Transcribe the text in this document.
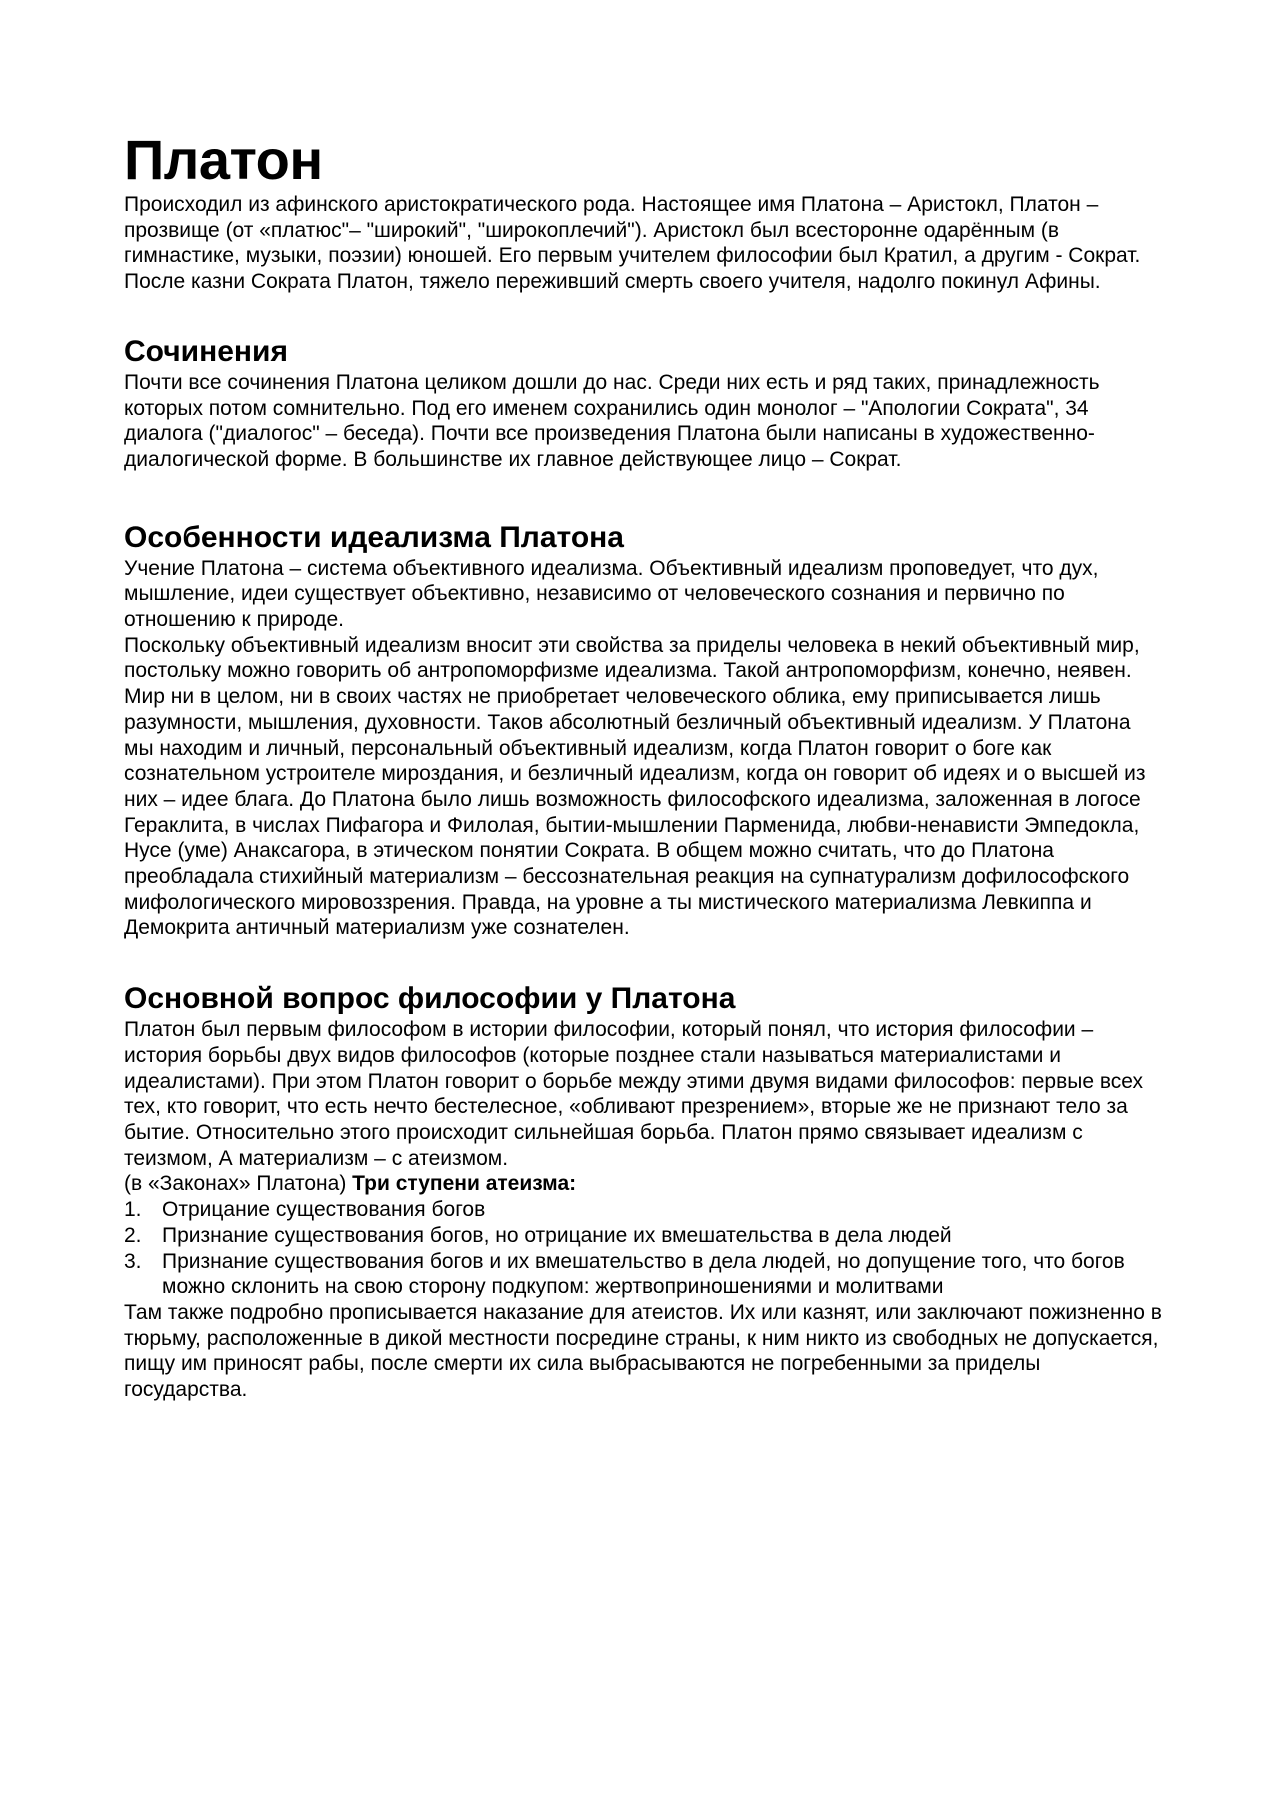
Платон

Происходил из афинского аристократического рода. Настоящее имя Платона – Аристокл, Платон – прозвище (от «платюс"– "широкий", "широкоплечий"). Аристокл был всесторонне одарённым (в гимнастике, музыки, поэзии) юношей. Его первым учителем философии был Кратил, а другим - Сократ. После казни Сократа Платон, тяжело переживший смерть своего учителя, надолго покинул Афины.

Сочинения

Почти все сочинения Платона целиком дошли до нас. Среди них есть и ряд таких, принадлежность которых потом сомнительно. Под его именем сохранились один монолог – "Апологии Сократа", 34 диалога ("диалогос" – беседа). Почти все произведения Платона были написаны в художественно-диалогической форме. В большинстве их главное действующее лицо – Сократ.

Особенности идеализма Платона

Учение Платона – система объективного идеализма. Объективный идеализм проповедует, что дух, мышление, идеи существует объективно, независимо от человеческого сознания и первично по отношению к природе.

Поскольку объективный идеализм вносит эти свойства за приделы человека в некий объективный мир, постольку можно говорить об антропоморфизме идеализма. Такой антропоморфизм, конечно, неявен. Мир ни в целом, ни в своих частях не приобретает человеческого облика, ему приписывается лишь разумности, мышления, духовности. Таков абсолютный безличный объективный идеализм. У Платона мы находим и личный, персональный объективный идеализм, когда Платон говорит о боге как сознательном устроителе мироздания, и безличный идеализм, когда он говорит об идеях и о высшей из них – идее блага. До Платона было лишь возможность философского идеализма, заложенная в логосе Гераклита, в числах Пифагора и Филолая, бытии-мышлении Парменида, любви-ненависти Эмпедокла, Нусе (уме) Анаксагора, в этическом понятии Сократа. В общем можно считать, что до Платона преобладала стихийный материализм – бессознательная реакция на супнатурализм дофилософского мифологического мировоззрения. Правда, на уровне а ты мистического материализма Левкиппа и Демокрита античный материализм уже сознателен.

Основной вопрос философии у Платона

Платон был первым философом в истории философии, который понял, что история философии – история борьбы двух видов философов (которые позднее стали называться материалистами и идеалистами). При этом Платон говорит о борьбе между этими двумя видами философов: первые всех тех, кто говорит, что есть нечто бестелесное, «обливают презрением», вторые же не признают тело за бытие. Относительно этого происходит сильнейшая борьба. Платон прямо связывает идеализм с теизмом, А материализм – с атеизмом.

(в «Законах» Платона) Три ступени атеизма:

1. Отрицание существования богов
2. Признание существования богов, но отрицание их вмешательства в дела людей
3. Признание существования богов и их вмешательство в дела людей, но допущение того, что богов можно склонить на свою сторону подкупом: жертвоприношениями и молитвами

Там также подробно прописывается наказание для атеистов. Их или казнят, или заключают пожизненно в тюрьму, расположенные в дикой местности посредине страны, к ним никто из свободных не допускается, пищу им приносят рабы, после смерти их сила выбрасываются не погребенными за приделы государства.
